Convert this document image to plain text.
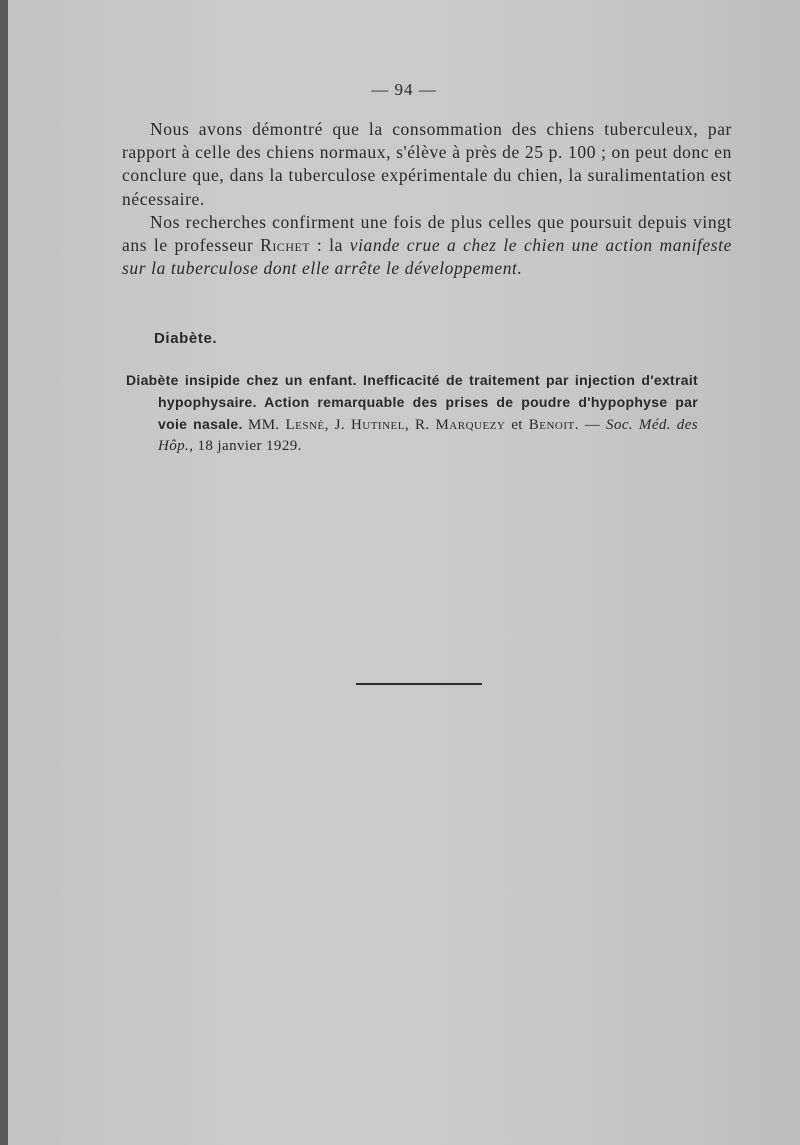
— 94 —

Nous avons démontré que la consommation des chiens tuberculeux, par rapport à celle des chiens normaux, s'élève à près de 25 p. 100 ; on peut donc en conclure que, dans la tuberculose expérimentale du chien, la suralimentation est nécessaire.

Nos recherches confirment une fois de plus celles que poursuit depuis vingt ans le professeur Richet : la viande crue a chez le chien une action manifeste sur la tuberculose dont elle arrête le développement.

Diabète.

Diabète insipide chez un enfant. Inefficacité de traitement par injection d'extrait hypophysaire. Action remarquable des prises de poudre d'hypophyse par voie nasale. MM. Lesné, J. Hutinel, R. Marquezy et Benoit. — Soc. Méd. des Hôp., 18 janvier 1929.
